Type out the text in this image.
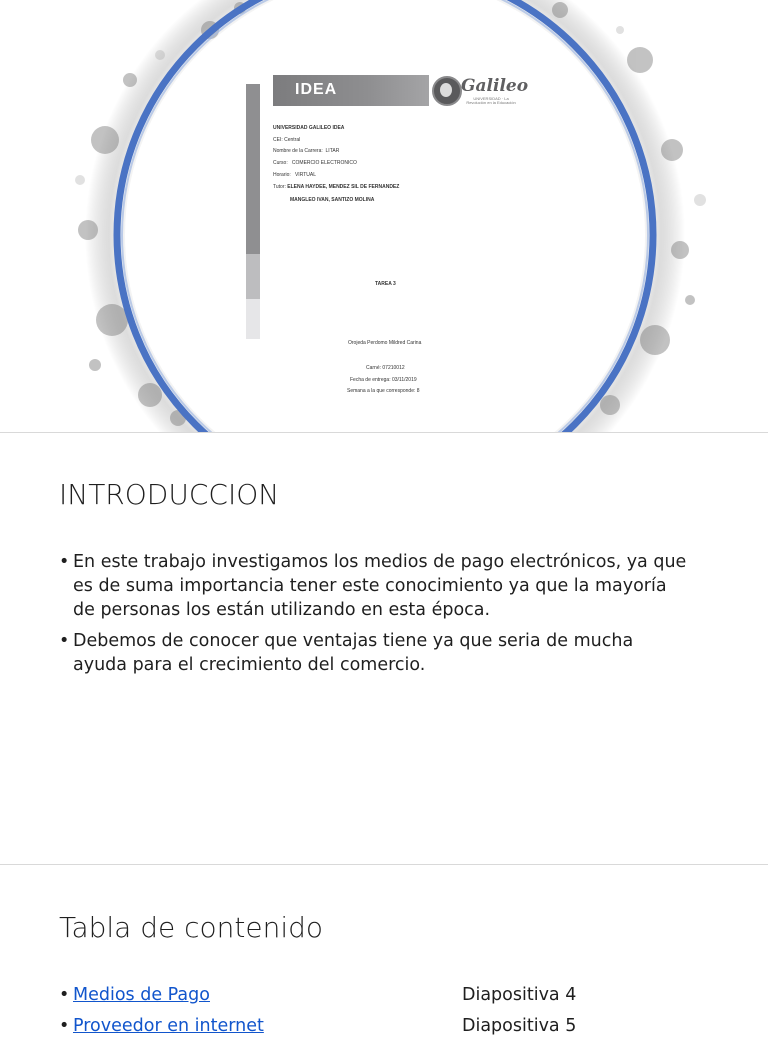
IDEA	Galileo
UNIVERSIDAD · La Revolución en la Educación
UNIVERSIDAD GALILEO IDEA
CEI: Central
Nombre de la Carrera: LITAR
Curso: COMERCIO ELECTRONICO
Horario: VIRTUAL
Tutor: ELENA HAYDEE, MENDEZ SIL DE FERNANDEZ
MANGLEO IVAN, SANTIZO MOLINA
TAREA 3
Orojeda Perdomo Mildred Carina
Carné: 07210012
Fecha de entrega: 03/11/2019
Semana a la que corresponde: 8
INTRODUCCION
• En este trabajo investigamos los medios de pago electrónicos, ya que
es de suma importancia tener este conocimiento ya que la mayoría
de personas los están utilizando en esta época.
• Debemos de conocer que ventajas tiene ya que seria de mucha
ayuda para el crecimiento del comercio.
Tabla de contenido
• Medios de Pago	Diapositiva 4
• Proveedor en internet	Diapositiva 5
